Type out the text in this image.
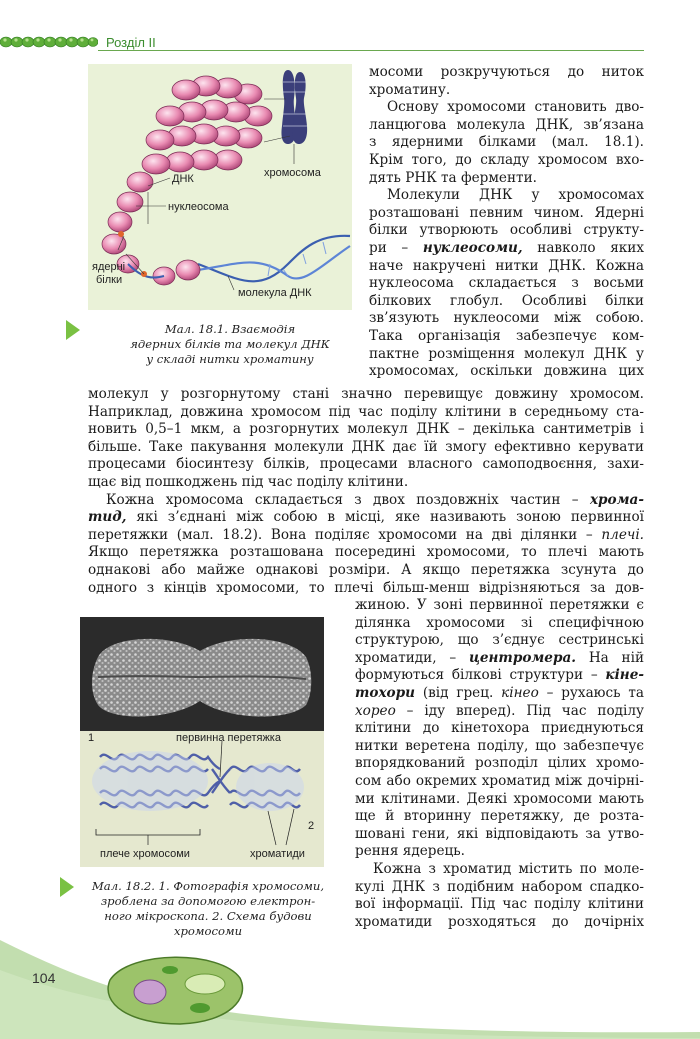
Розділ II
хромосома
ДНК
нуклеосома
ядерні
білки
молекула ДНК
Мал. 18.1. Взаємодія
ядерних білків та молекул ДНК
у складі нитки хроматину
мосоми розкручуються до ниток
хроматину.
Основу хромосоми становить дво-
ланцюгова молекула ДНК, зв’язана
з ядерними білками (мал. 18.1).
Крім того, до складу хромосом вхо-
дять РНК та ферменти.
Молекули ДНК у хромосомах
розташовані певним чином. Ядерні
білки утворюють особливі структу-
ри – нуклеосоми, навколо яких
наче накручені нитки ДНК. Кожна
нуклеосома складається з восьми
білкових глобул. Особливі білки
зв’язують нуклеосоми між собою.
Така організація забезпечує ком-
пактне розміщення молекул ДНК у
хромосомах, оскільки довжина цих
молекул у розгорнутому стані значно перевищує довжину хромосом.
Наприклад, довжина хромосом під час поділу клітини в середньому ста-
новить 0,5–1 мкм, а розгорнутих молекул ДНК – декілька сантиметрів і
більше. Таке пакування молекули ДНК дає їй змогу ефективно керувати
процесами біосинтезу білків, процесами власного самоподвоєння, захи-
щає від пошкоджень під час поділу клітини.
Кожна хромосома складається з двох поздовжніх частин – хрома-
тид, які з’єднані між собою в місці, яке називають зоною первинної
перетяжки (мал. 18.2). Вона поділяє хромосоми на дві ділянки – плечі.
Якщо перетяжка розташована посередині хромосоми, то плечі мають
однакові або майже однакові розміри. А якщо перетяжка зсунута до
одного з кінців хромосоми, то плечі більш-менш відрізняються за дов-
1	первинна перетяжка
2
плече хромосоми	хроматиди
Мал. 18.2. 1. Фотографія хромосоми,
зроблена за допомогою електрон-
ного мікроскопа. 2. Схема будови
хромосоми
жиною. У зоні первинної перетяжки є
ділянка хромосоми зі специфічною
структурою, що з’єднує сестринські
хроматиди, – центромера. На ній
формуються білкові структури – кіне-
тохори (від грец. кінео – рухаюсь та
хорео – іду вперед). Під час поділу
клітини до кінетохора приєднуються
нитки веретена поділу, що забезпечує
впорядкований розподіл цілих хромо-
сом або окремих хроматид між дочірні-
ми клітинами. Деякі хромосоми мають
ще й вторинну перетяжку, де розта-
шовані гени, які відповідають за утво-
рення ядерець.
Кожна з хроматид містить по моле-
кулі ДНК з подібним набором спадко-
вої інформації. Під час поділу клітини
хроматиди розходяться до дочірніх
104
